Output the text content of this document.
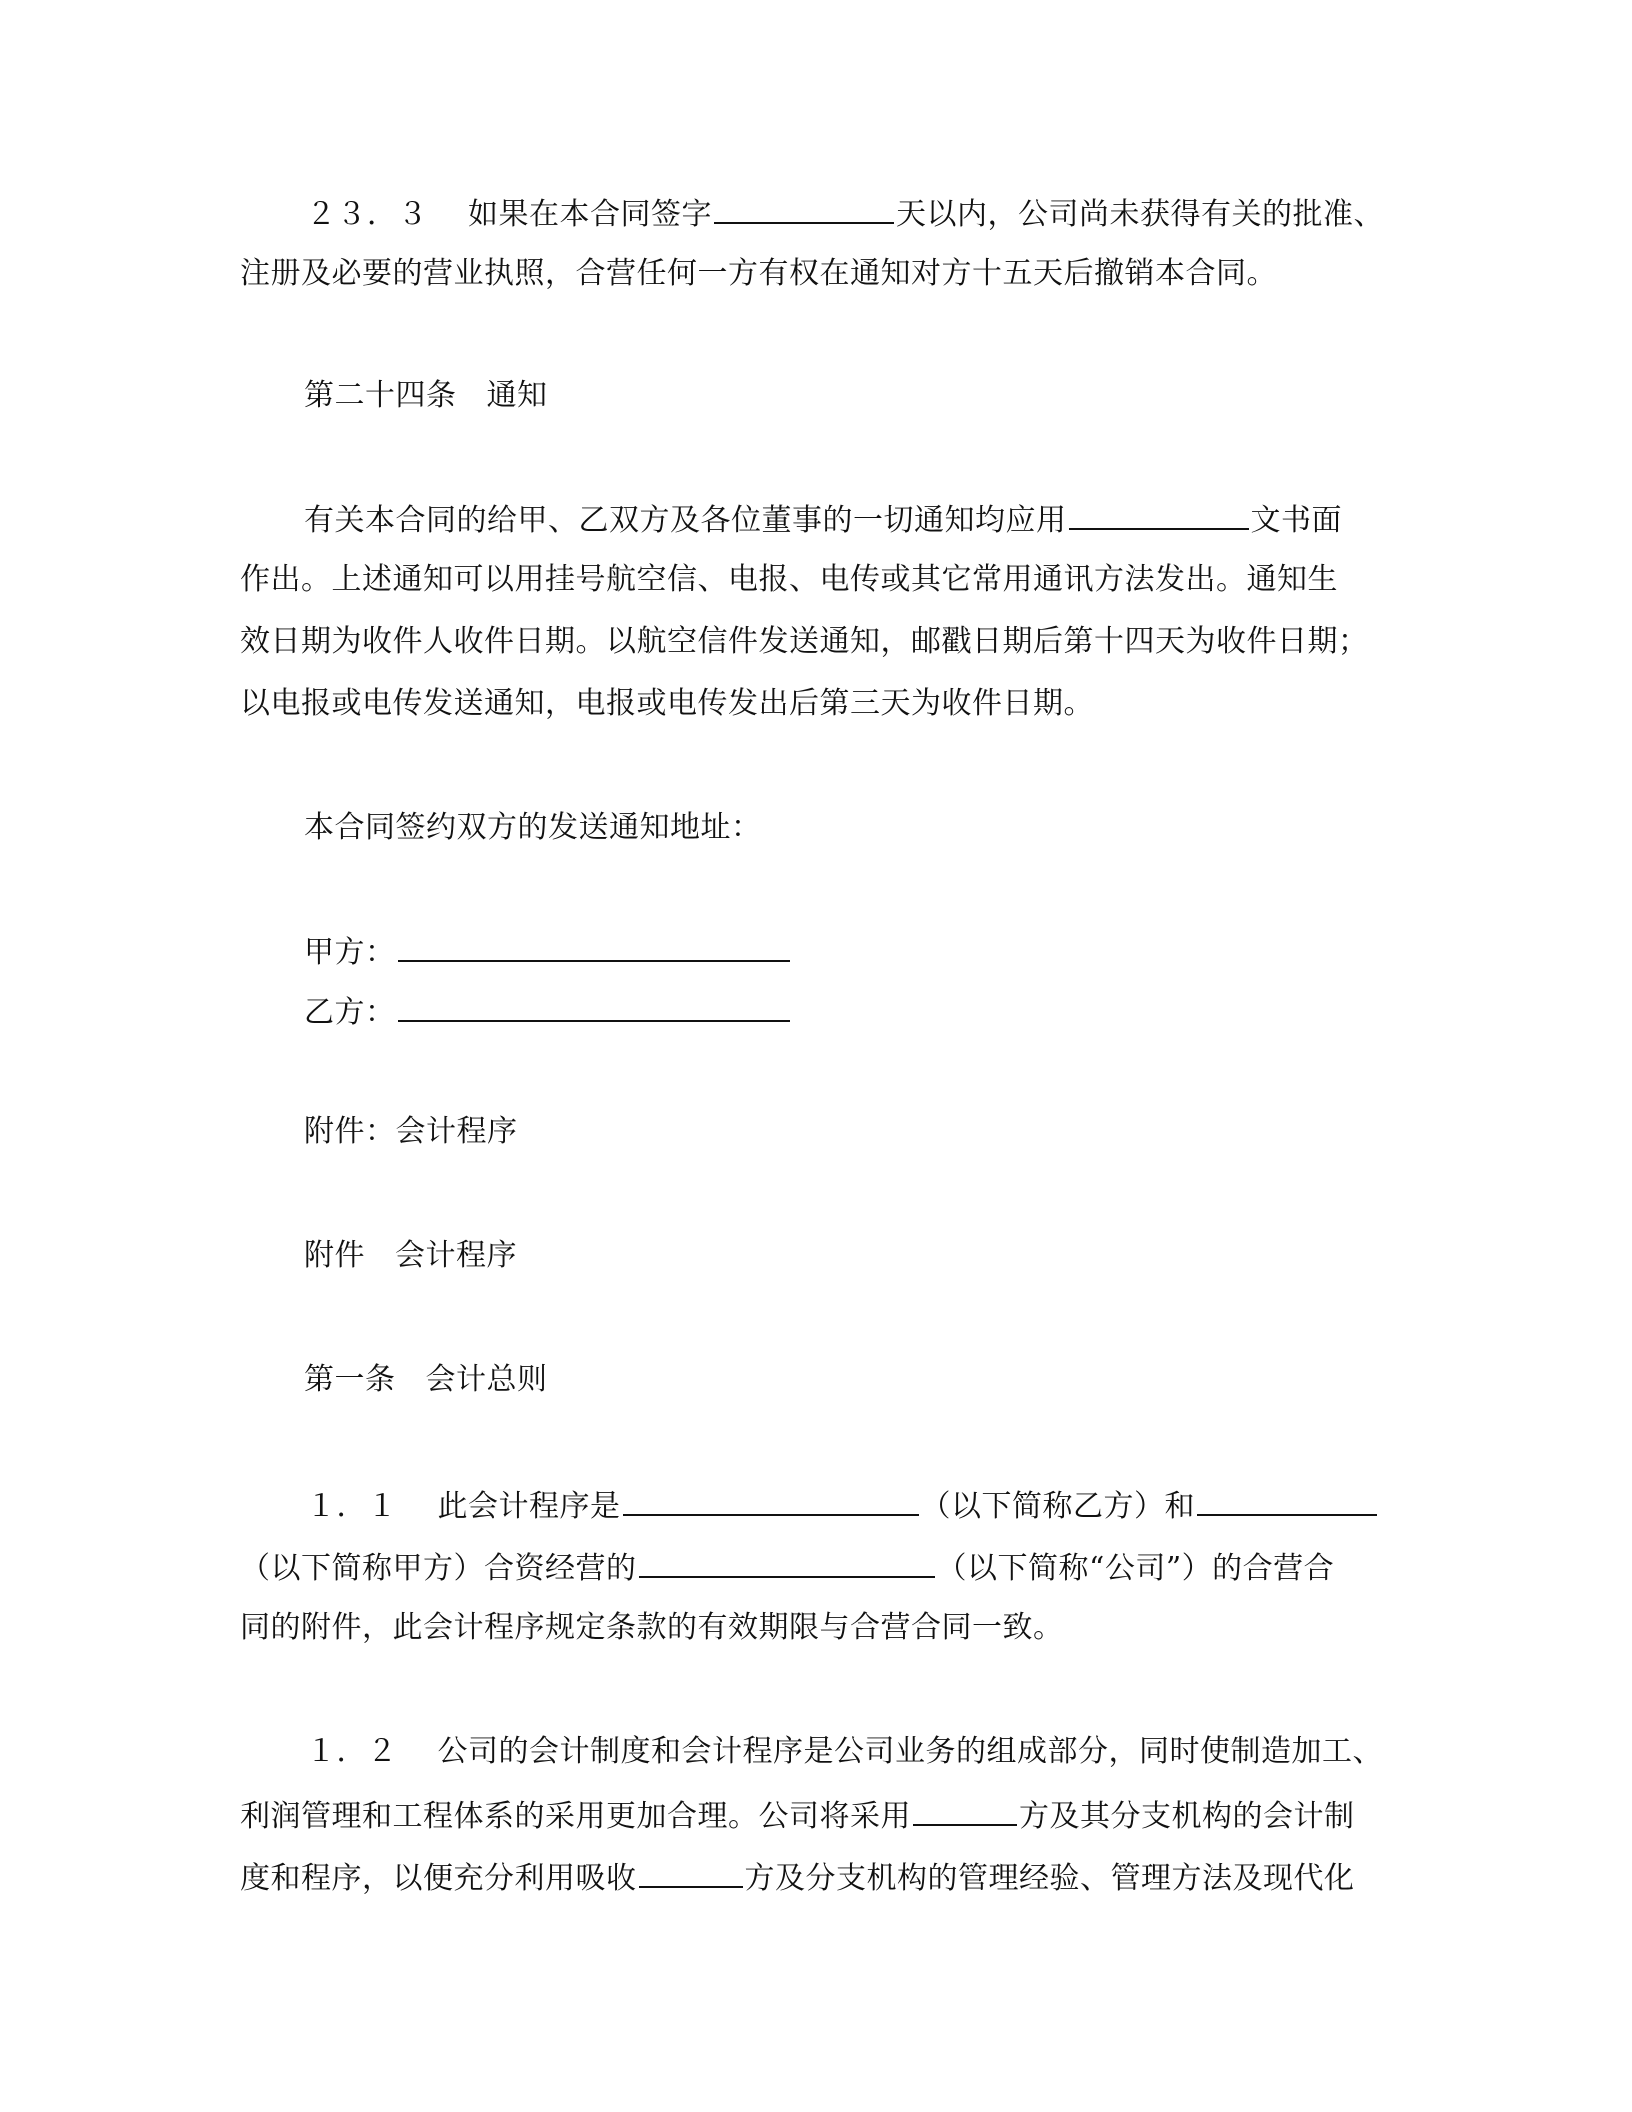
２３．３ 如果在本合同签字	天以内，公司尚未获得有关的批准、
注册及必要的营业执照，合营任何一方有权在通知对方十五天后撤销本合同。
第二十四条 通知
有关本合同的给甲、乙双方及各位董事的一切通知均应用	文书面
作出。上述通知可以用挂号航空信、电报、电传或其它常用通讯方法发出。通知生
效日期为收件人收件日期。以航空信件发送通知，邮戳日期后第十四天为收件日期；
以电报或电传发送通知，电报或电传发出后第三天为收件日期。
本合同签约双方的发送通知地址：
甲方：
乙方：
附件：会计程序
附件 会计程序
第一条 会计总则
１．１ 此会计程序是	（以下简称乙方）和
（以下简称甲方）合资经营的	（以下简称“公司”）的合营合
同的附件，此会计程序规定条款的有效期限与合营合同一致。
１．２ 公司的会计制度和会计程序是公司业务的组成部分，同时使制造加工、
利润管理和工程体系的采用更加合理。公司将采用	方及其分支机构的会计制
度和程序，以便充分利用吸收	方及分支机构的管理经验、管理方法及现代化
